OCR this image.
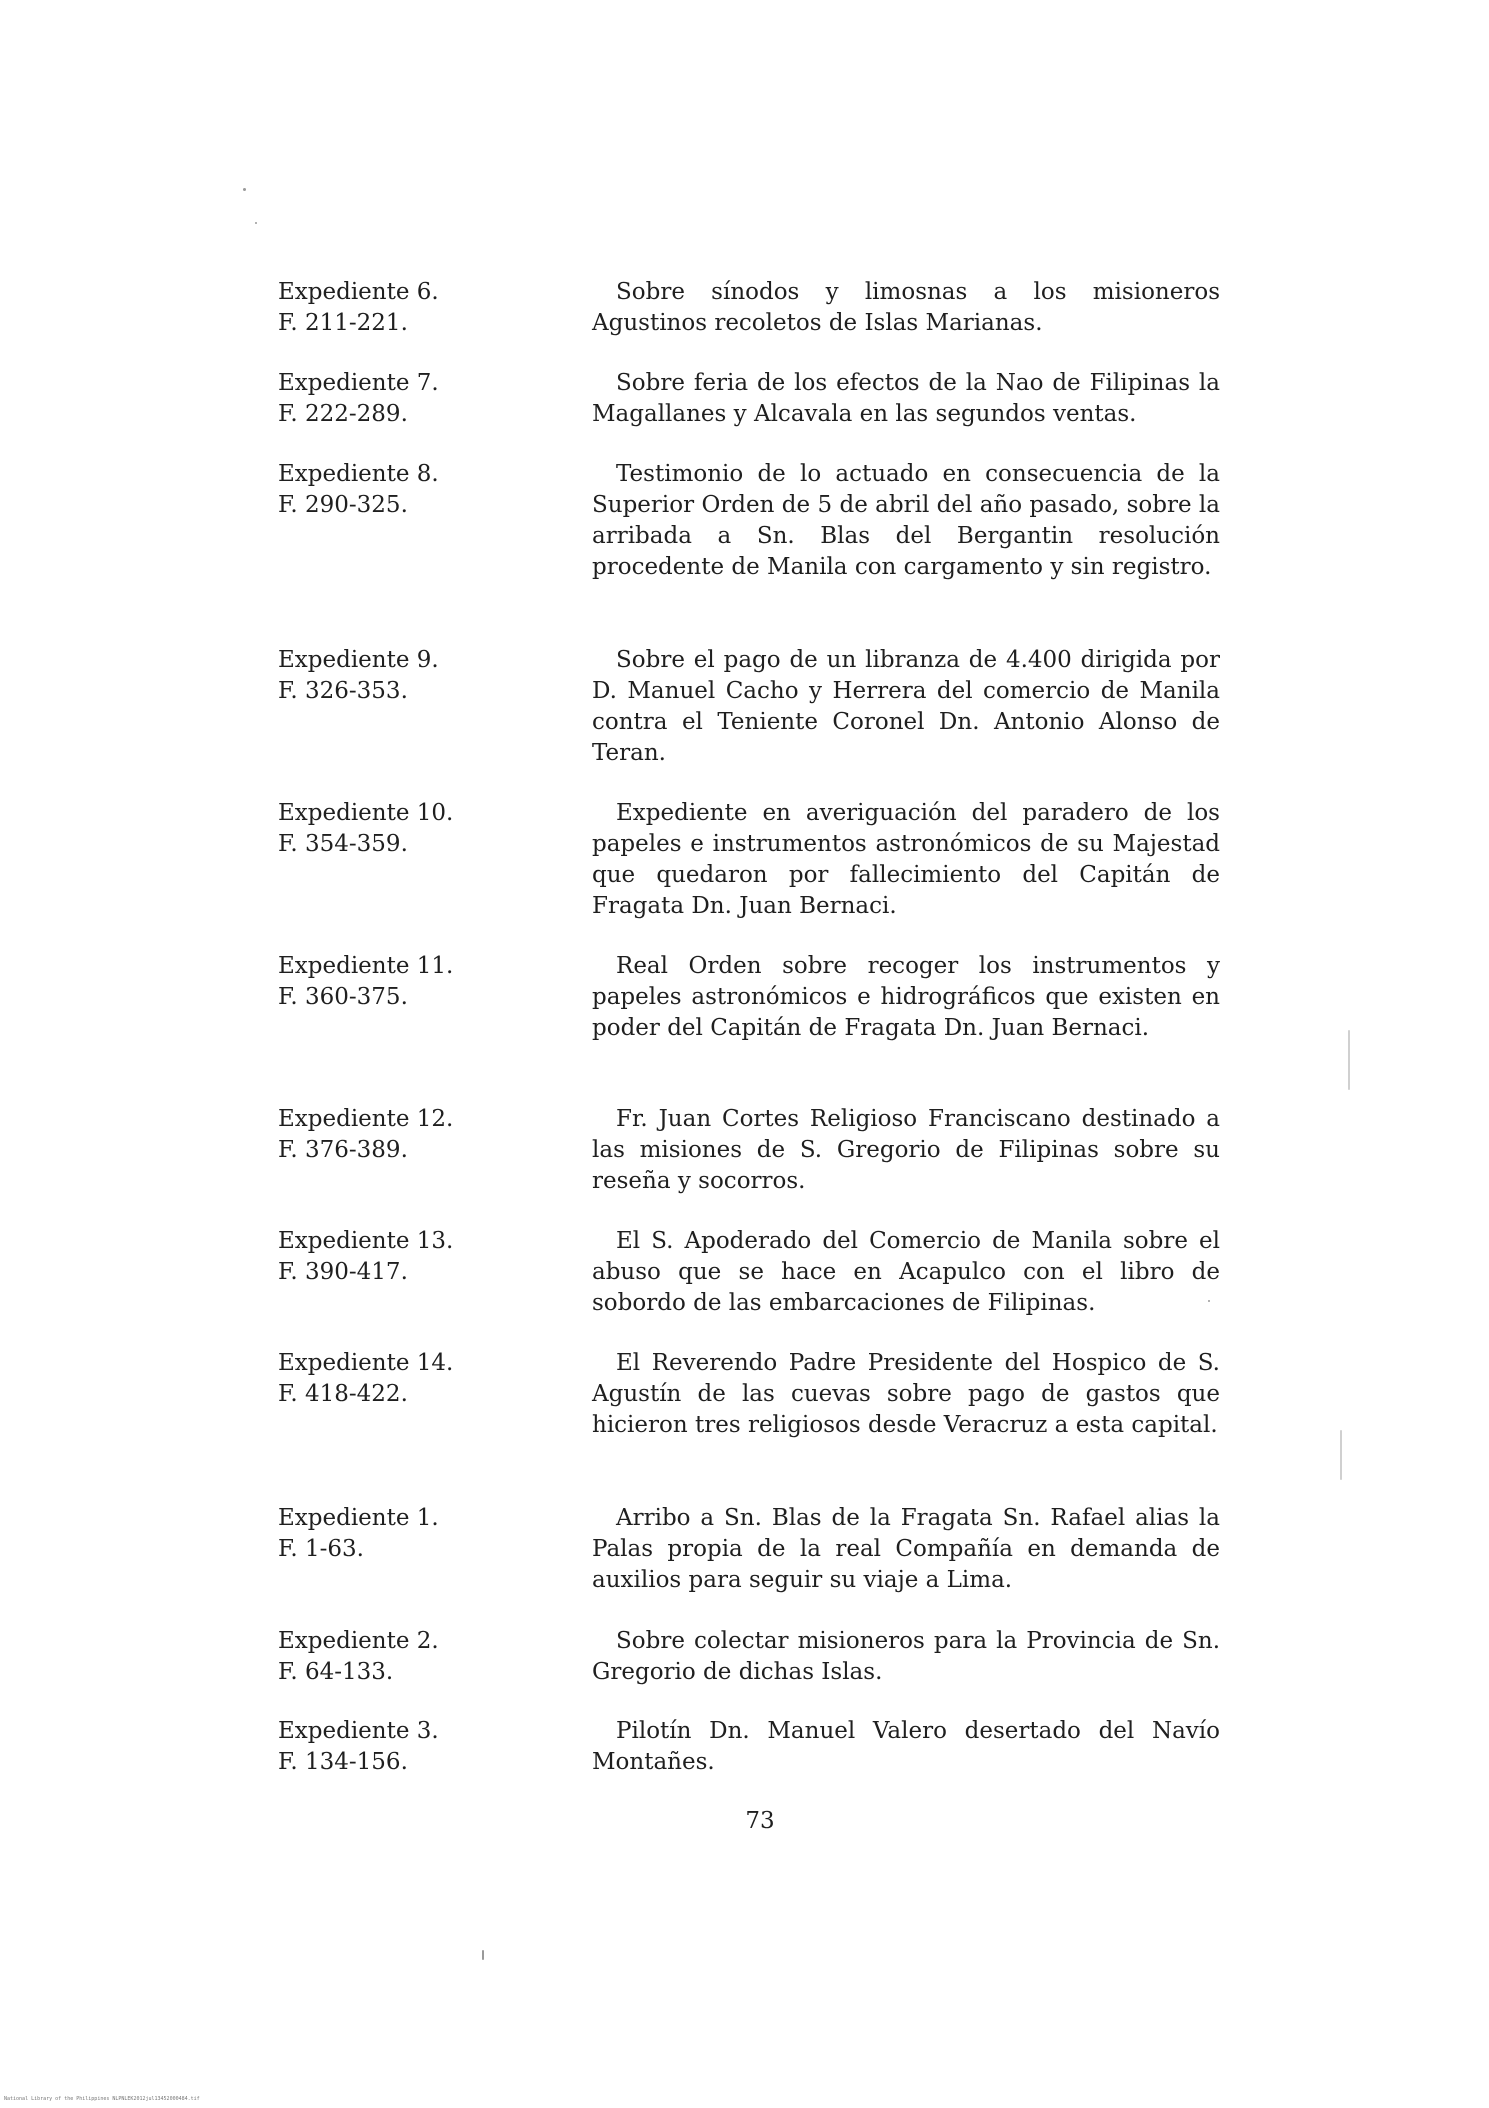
Expediente 6.
F. 211-221.
Sobre sínodos y limosnas a los misioneros Agustinos recoletos de Islas Marianas.
Expediente 7.
F. 222-289.
Sobre feria de los efectos de la Nao de Filipinas la Magallanes y Alcavala en las segundos ventas.
Expediente 8.
F. 290-325.
Testimonio de lo actuado en consecuencia de la Superior Orden de 5 de abril del año pasado, sobre la arribada a Sn. Blas del Bergantin resolución procedente de Manila con cargamento y sin registro.
Expediente 9.
F. 326-353.
Sobre el pago de un libranza de 4.400 dirigida por D. Manuel Cacho y Herrera del comercio de Manila contra el Teniente Coronel Dn. Antonio Alonso de Teran.
Expediente 10.
F. 354-359.
Expediente en averiguación del paradero de los papeles e instrumentos astronómicos de su Majestad que quedaron por fallecimiento del Capitán de Fragata Dn. Juan Bernaci.
Expediente 11.
F. 360-375.
Real Orden sobre recoger los instrumentos y papeles astronómicos e hidrográficos que existen en poder del Capitán de Fragata Dn. Juan Bernaci.
Expediente 12.
F. 376-389.
Fr. Juan Cortes Religioso Franciscano destinado a las misiones de S. Gregorio de Filipinas sobre su reseña y socorros.
Expediente 13.
F. 390-417.
El S. Apoderado del Comercio de Manila sobre el abuso que se hace en Acapulco con el libro de sobordo de las embarcaciones de Filipinas.
Expediente 14.
F. 418-422.
El Reverendo Padre Presidente del Hospico de S. Agustín de las cuevas sobre pago de gastos que hicieron tres religiosos desde Veracruz a esta capital.
Expediente 1.
F. 1-63.
Arribo a Sn. Blas de la Fragata Sn. Rafael alias la Palas propia de la real Compañía en demanda de auxilios para seguir su viaje a Lima.
Expediente 2.
F. 64-133.
Sobre colectar misioneros para la Provincia de Sn. Gregorio de dichas Islas.
Expediente 3.
F. 134-156.
Pilotín Dn. Manuel Valero desertado del Navío Montañes.
73
National Library of the Philippines NLPNLEK2012jul13452000484.tif
